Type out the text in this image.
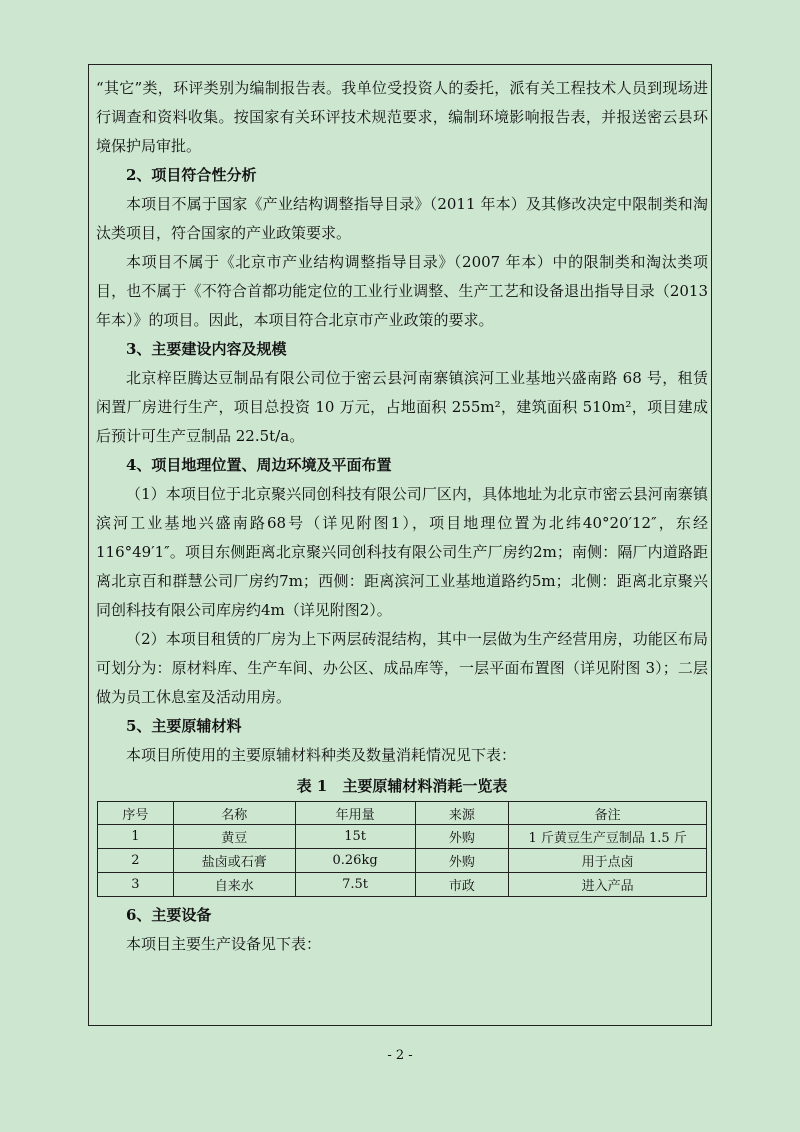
“其它”类，环评类别为编制报告表。我单位受投资人的委托，派有关工程技术人员到现场进行调查和资料收集。按国家有关环评技术规范要求，编制环境影响报告表，并报送密云县环境保护局审批。

2、项目符合性分析

本项目不属于国家《产业结构调整指导目录》（2011 年本）及其修改决定中限制类和淘汰类项目，符合国家的产业政策要求。

本项目不属于《北京市产业结构调整指导目录》（2007 年本）中的限制类和淘汰类项目，也不属于《不符合首都功能定位的工业行业调整、生产工艺和设备退出指导目录（2013 年本）》的项目。因此，本项目符合北京市产业政策的要求。

3、主要建设内容及规模

北京梓臣腾达豆制品有限公司位于密云县河南寨镇滨河工业基地兴盛南路 68 号，租赁闲置厂房进行生产，项目总投资 10 万元，占地面积 255m²，建筑面积 510m²，项目建成后预计可生产豆制品 22.5t/a。

4、项目地理位置、周边环境及平面布置

（1）本项目位于北京聚兴同创科技有限公司厂区内，具体地址为北京市密云县河南寨镇滨河工业基地兴盛南路68号（详见附图1），项目地理位置为北纬40°20′12″，东经116°49′1″。项目东侧距离北京聚兴同创科技有限公司生产厂房约2m；南侧：隔厂内道路距离北京百和群慧公司厂房约7m；西侧：距离滨河工业基地道路约5m；北侧：距离北京聚兴同创科技有限公司库房约4m（详见附图2）。

（2）本项目租赁的厂房为上下两层砖混结构，其中一层做为生产经营用房，功能区布局可划分为：原材料库、生产车间、办公区、成品库等，一层平面布置图（详见附图 3）；二层做为员工休息室及活动用房。

5、主要原辅材料

本项目所使用的主要原辅材料种类及数量消耗情况见下表：

表 1　主要原辅材料消耗一览表
序号	名称	年用量	来源	备注
1	黄豆	15t	外购	1 斤黄豆生产豆制品 1.5 斤
2	盐卤或石膏	0.26kg	外购	用于点卤
3	自来水	7.5t	市政	进入产品

6、主要设备

本项目主要生产设备见下表：

- 2 -
